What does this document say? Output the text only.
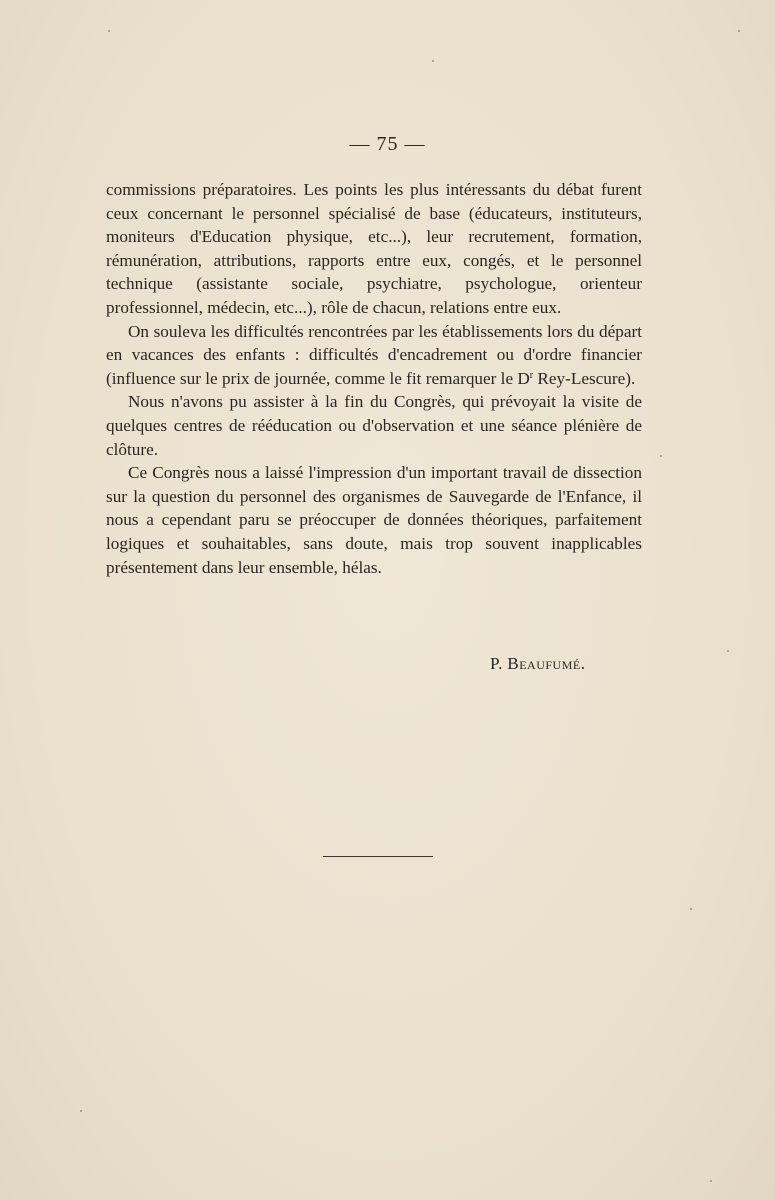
— 75 —

commissions préparatoires. Les points les plus intéressants du débat furent ceux concernant le personnel spécialisé de base (éducateurs, instituteurs, moniteurs d'Education physique, etc...), leur recrutement, formation, rémunération, attributions, rapports entre eux, congés, et le personnel technique (assistante sociale, psychiatre, psychologue, orienteur professionnel, médecin, etc...), rôle de chacun, relations entre eux.

On souleva les difficultés rencontrées par les établissements lors du départ en vacances des enfants : difficultés d'encadrement ou d'ordre financier (influence sur le prix de journée, comme le fit remarquer le $D^r$ Rey-Lescure).

Nous n'avons pu assister à la fin du Congrès, qui prévoyait la visite de quelques centres de rééducation ou d'observation et une séance plénière de clôture.

Ce Congrès nous a laissé l'impression d'un important travail de dissection sur la question du personnel des organismes de Sauvegarde de l'Enfance, il nous a cependant paru se préoccuper de données théoriques, parfaitement logiques et souhaitables, sans doute, mais trop souvent inapplicables présentement dans leur ensemble, hélas.

P. Beaufumé.
